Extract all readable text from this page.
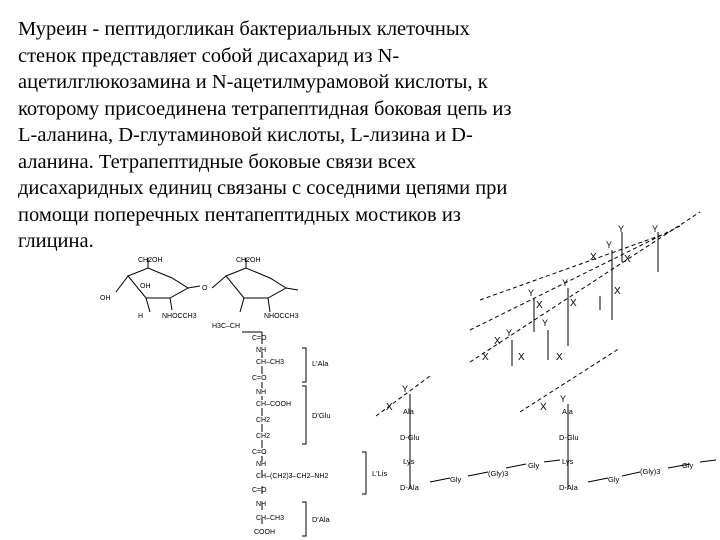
Муреин - пептидогликан бактериальных клеточных
стенок представляет собой дисахарид из N-
ацетилглюкозамина и N-ацетилмурамовой кислоты, к
которому присоединена тетрапептидная боковая цепь из
L-аланина, D-глутаминовой кислоты, L-лизина и D-
аланина. Тетрапептидные боковые связи всех
дисахаридных единиц связаны с соседними цепями при
помощи поперечных пентапептидных мостиков из
глицина.

CH2OH	CH2OH
OH
OH	O
H	NHOCCH3	NHOCCH3
H3C–CH
C=O
NH
CH–CH3
C=O
NH
CH–COOH
CH2
CH2
C=O
NH
CH–(CH2)3–CH2–NH2
C=O
NH
CH–CH3
COOH
L'Ala
D'Glu
L'Lis
D'Ala
Ala
D-Glu
Lys
D-Ala
Ala
D-Glu
Lys
D-Ala
Gly
(Gly)3
Gly
Gly
(Gly)3
Gly
X	X
X	X	X
X
X	X
X	X
X
Y
Y
Y
Y
Y
Y	Y
Y
Y
